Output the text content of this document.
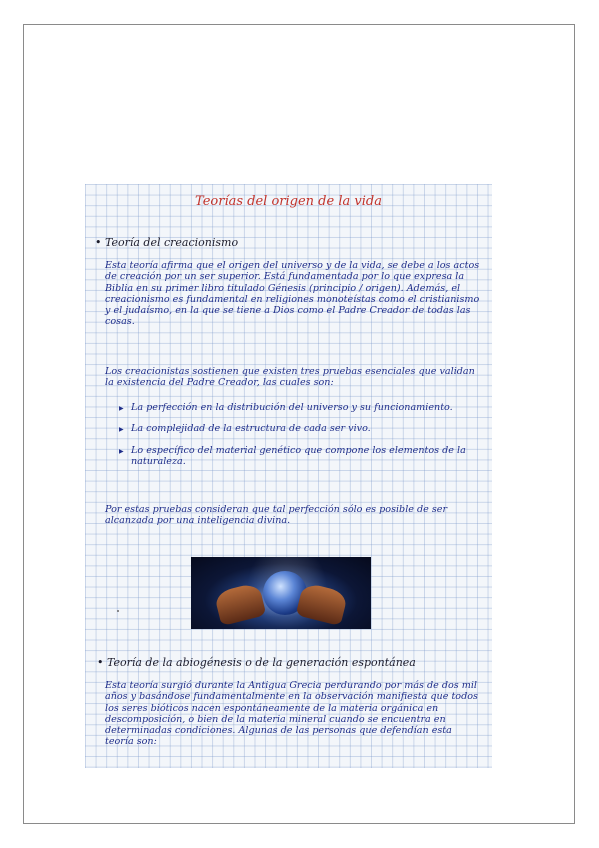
Teorías del origen de la vida
• Teoría del creacionismo

Esta teoría afirma que el origen del universo y de la vida, se debe a los actos de creación por un ser superior. Está fundamentada por lo que expresa la Biblia en su primer libro titulado Génesis (principio / origen). Además, el creacionismo es fundamental en religiones monoteístas como el cristianismo y el judaísmo, en la que se tiene a Dios como el Padre Creador de todas las cosas.

Los creacionistas sostienen que existen tres pruebas esenciales que validan la existencia del Padre Creador, las cuales son:

▶ La perfección en la distribución del universo y su funcionamiento.
▶ La complejidad de la estructura de cada ser vivo.
▶ Lo específico del material genético que compone los elementos de la naturaleza.

Por estas pruebas consideran que tal perfección sólo es posible de ser alcanzada por una inteligencia divina.

• Teoría de la abiogénesis o de la generación espontánea

Esta teoría surgió durante la Antigua Grecia perdurando por más de dos mil años y basándose fundamentalmente en la observación manifiesta que todos los seres bióticos nacen espontáneamente de la materia orgánica en descomposición, o bien de la materia mineral cuando se encuentra en determinadas condiciones. Algunas de las personas que defendían esta teoría son:
